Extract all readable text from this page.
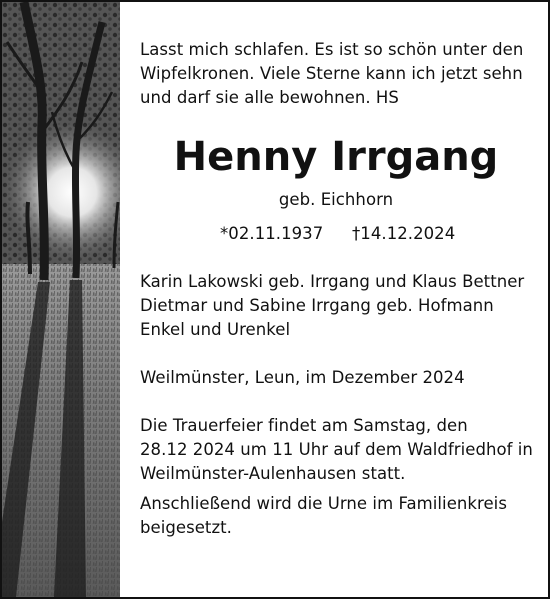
Lasst mich schlafen. Es ist so schön unter den

Wipfelkronen. Viele Sterne kann ich jetzt sehn

und darf sie alle bewohnen. HS

Henny Irrgang

geb. Eichhorn

*02.11.1937 †14.12.2024

Karin Lakowski geb. Irrgang und Klaus Bettner

Dietmar und Sabine Irrgang geb. Hofmann

Enkel und Urenkel

Weilmünster, Leun, im Dezember 2024

Die Trauerfeier findet am Samstag, den

28.12 2024 um 11 Uhr auf dem Waldfriedhof in

Weilmünster-Aulenhausen statt.

Anschließend wird die Urne im Familienkreis

beigesetzt.
